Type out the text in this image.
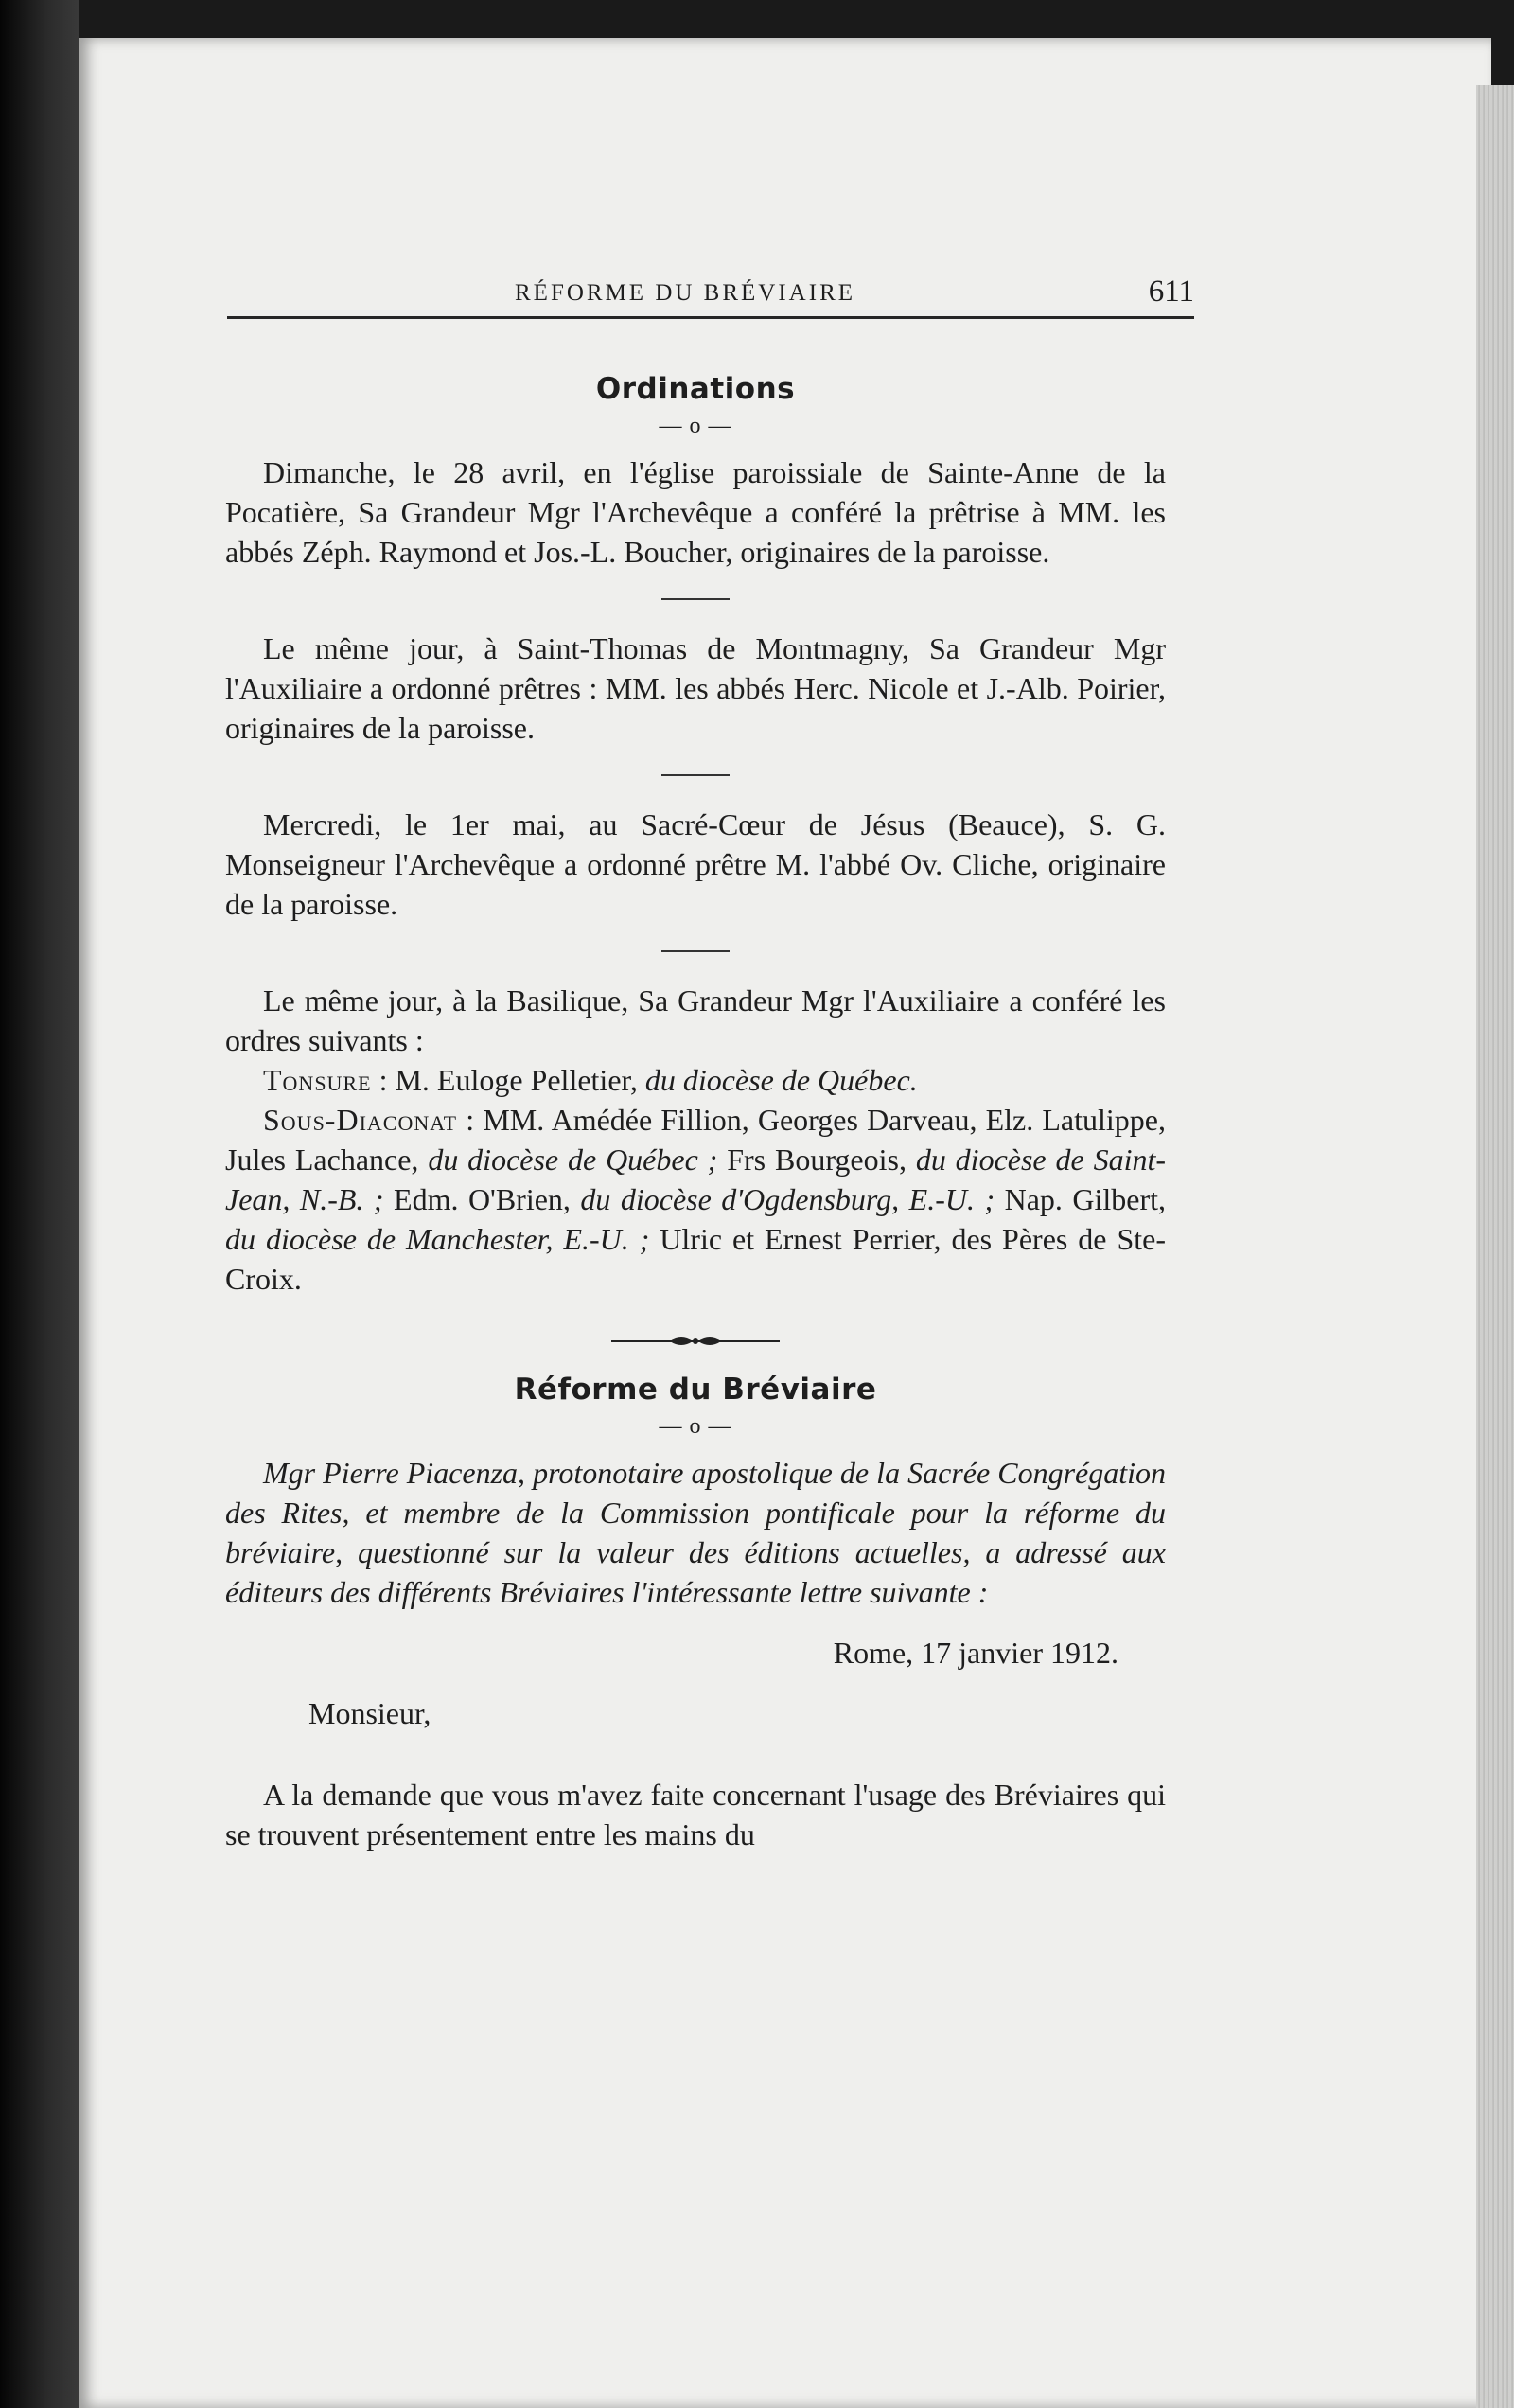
RÉFORME DU BRÉVIAIRE	611
Ordinations
— o —

Dimanche, le 28 avril, en l'église paroissiale de Sainte-Anne de la Pocatière, Sa Grandeur Mgr l'Archevêque a conféré la prêtrise à MM. les abbés Zéph. Raymond et Jos.-L. Boucher, originaires de la paroisse.

Le même jour, à Saint-Thomas de Montmagny, Sa Grandeur Mgr l'Auxiliaire a ordonné prêtres : MM. les abbés Herc. Nicole et J.-Alb. Poirier, originaires de la paroisse.

Mercredi, le 1er mai, au Sacré-Cœur de Jésus (Beauce), S. G. Monseigneur l'Archevêque a ordonné prêtre M. l'abbé Ov. Cliche, originaire de la paroisse.

Le même jour, à la Basilique, Sa Grandeur Mgr l'Auxiliaire a conféré les ordres suivants :

Tonsure : M. Euloge Pelletier, du diocèse de Québec.

Sous-Diaconat : MM. Amédée Fillion, Georges Darveau, Elz. Latulippe, Jules Lachance, du diocèse de Québec ; Frs Bourgeois, du diocèse de Saint-Jean, N.-B. ; Edm. O'Brien, du diocèse d'Ogdensburg, E.-U. ; Nap. Gilbert, du diocèse de Manchester, E.-U. ; Ulric et Ernest Perrier, des Pères de Ste-Croix.

Réforme du Bréviaire
— o —

Mgr Pierre Piacenza, protonotaire apostolique de la Sacrée Congrégation des Rites, et membre de la Commission pontificale pour la réforme du bréviaire, questionné sur la valeur des éditions actuelles, a adressé aux éditeurs des différents Bréviaires l'intéressante lettre suivante :

Rome, 17 janvier 1912.
Monsieur,

A la demande que vous m'avez faite concernant l'usage des Bréviaires qui se trouvent présentement entre les mains du
